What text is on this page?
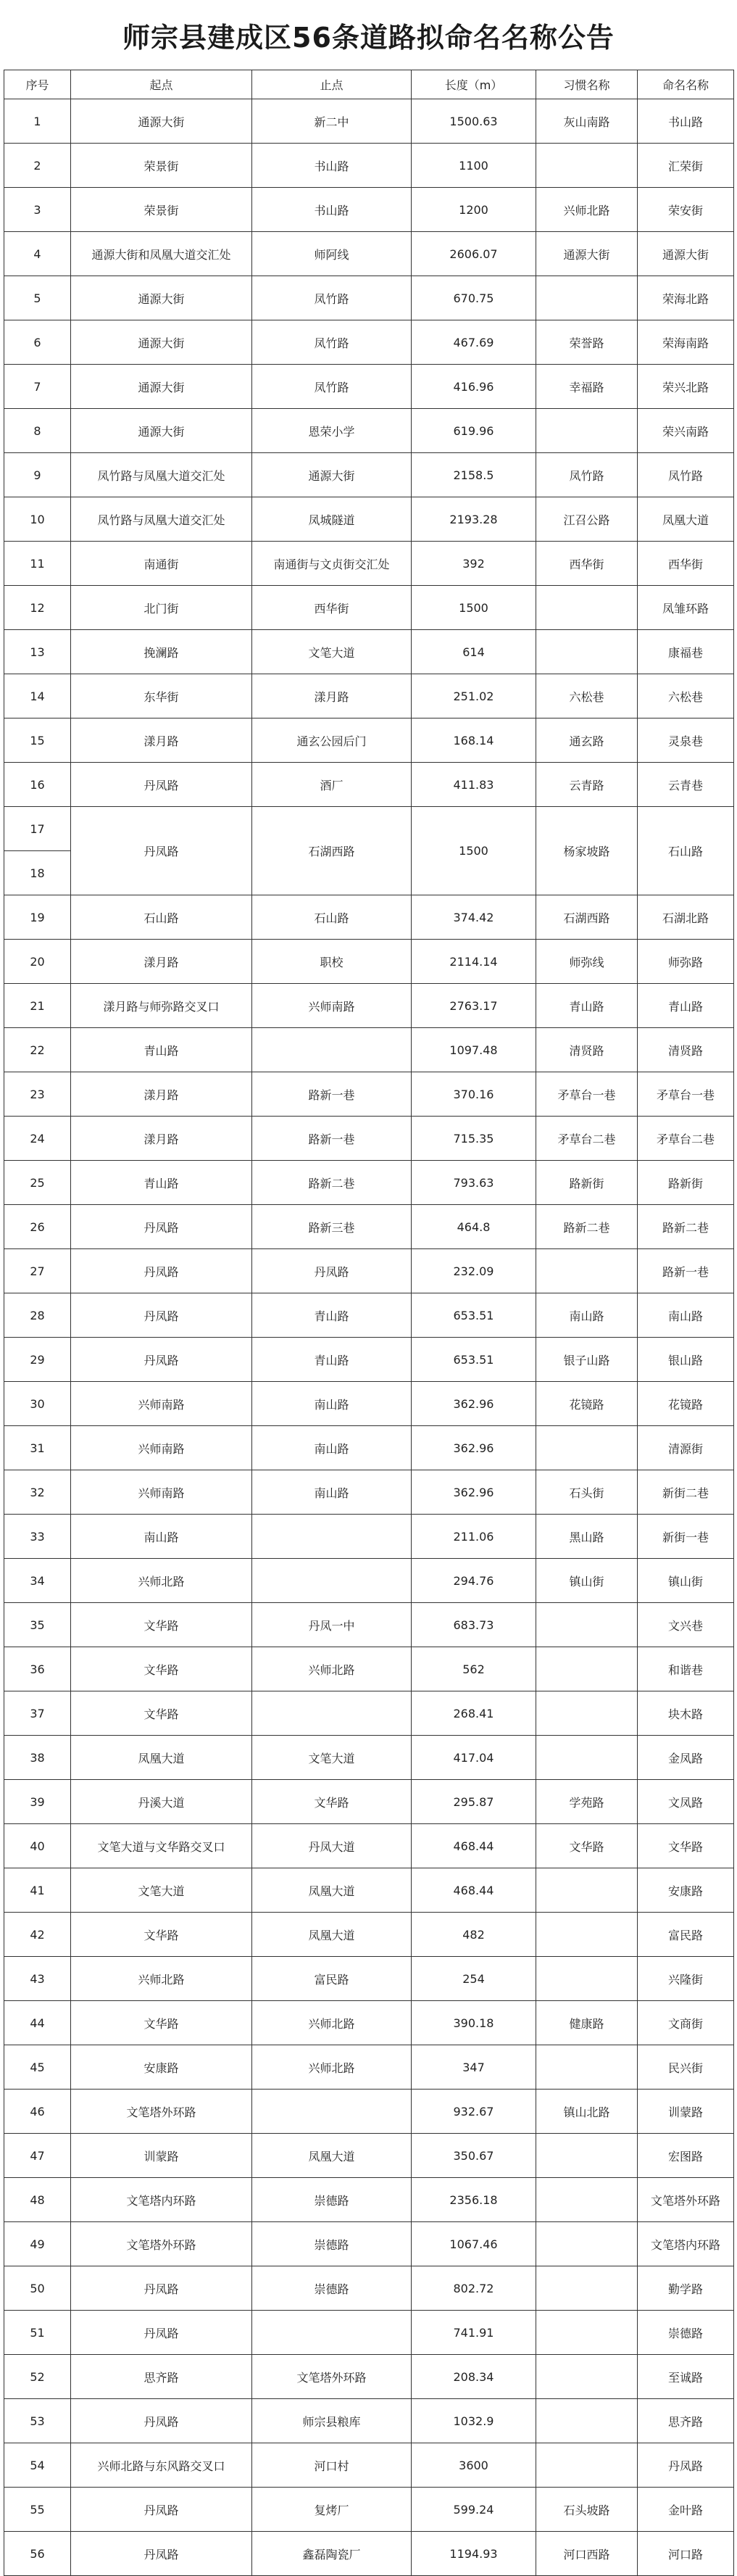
师宗县建成区56条道路拟命名名称公告
序号	起点	止点	长度（m）	习惯名称	命名名称
1	通源大街	新二中	1500.63	灰山南路	书山路
2	荣景街	书山路	1100		汇荣街
3	荣景街	书山路	1200	兴师北路	荣安街
4	通源大街和凤凰大道交汇处	师阿线	2606.07	通源大街	通源大街
5	通源大街	凤竹路	670.75		荣海北路
6	通源大街	凤竹路	467.69	荣誉路	荣海南路
7	通源大街	凤竹路	416.96	幸福路	荣兴北路
8	通源大街	恩荣小学	619.96		荣兴南路
9	凤竹路与凤凰大道交汇处	通源大街	2158.5	凤竹路	凤竹路
10	凤竹路与凤凰大道交汇处	凤城隧道	2193.28	江召公路	凤凰大道
11	南通街	南通街与文贞街交汇处	392	西华街	西华街
12	北门街	西华街	1500		凤雏环路
13	挽澜路	文笔大道	614		康福巷
14	东华街	漾月路	251.02	六松巷	六松巷
15	漾月路	通玄公园后门	168.14	通玄路	灵泉巷
16	丹凤路	酒厂	411.83	云青路	云青巷
17	丹凤路	石湖西路	1500	杨家坡路	石山路
18					
19	石山路	石山路	374.42	石湖西路	石湖北路
20	漾月路	职校	2114.14	师弥线	师弥路
21	漾月路与师弥路交叉口	兴师南路	2763.17	青山路	青山路
22	青山路		1097.48	清贤路	清贤路
23	漾月路	路新一巷	370.16	矛草台一巷	矛草台一巷
24	漾月路	路新一巷	715.35	矛草台二巷	矛草台二巷
25	青山路	路新二巷	793.63	路新街	路新街
26	丹凤路	路新三巷	464.8	路新二巷	路新二巷
27	丹凤路	丹凤路	232.09		路新一巷
28	丹凤路	青山路	653.51	南山路	南山路
29	丹凤路	青山路	653.51	银子山路	银山路
30	兴师南路	南山路	362.96	花镜路	花镜路
31	兴师南路	南山路	362.96		清源街
32	兴师南路	南山路	362.96	石头街	新街二巷
33	南山路		211.06	黑山路	新街一巷
34	兴师北路		294.76	镇山街	镇山街
35	文华路	丹凤一中	683.73		文兴巷
36	文华路	兴师北路	562		和谐巷
37	文华路		268.41		块木路
38	凤凰大道	文笔大道	417.04		金凤路
39	丹溪大道	文华路	295.87	学苑路	文凤路
40	文笔大道与文华路交叉口	丹凤大道	468.44	文华路	文华路
41	文笔大道	凤凰大道	468.44		安康路
42	文华路	凤凰大道	482		富民路
43	兴师北路	富民路	254		兴隆街
44	文华路	兴师北路	390.18	健康路	文商街
45	安康路	兴师北路	347		民兴街
46	文笔塔外环路		932.67	镇山北路	训蒙路
47	训蒙路	凤凰大道	350.67		宏图路
48	文笔塔内环路	崇德路	2356.18		文笔塔外环路
49	文笔塔外环路	崇德路	1067.46		文笔塔内环路
50	丹凤路	崇德路	802.72		勤学路
51	丹凤路		741.91		崇德路
52	思齐路	文笔塔外环路	208.34		至诚路
53	丹凤路	师宗县粮库	1032.9		思齐路
54	兴师北路与东风路交叉口	河口村	3600		丹凤路
55	丹凤路	复烤厂	599.24	石头坡路	金叶路
56	丹凤路	鑫磊陶瓷厂	1194.93	河口西路	河口路
